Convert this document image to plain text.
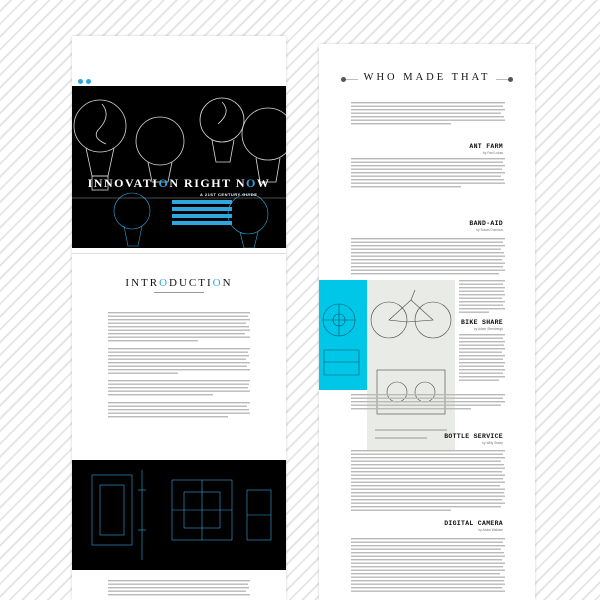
INNOVATION RIGHT NOW
A 21ST CENTURY GUIDE
INTRODUCTION
WHO MADE THAT
ANT FARM
by Paul Lukas
BAND-AID
by Susan Dominus
BIKE SHARE
by Adam Sternbergh
BOTTLE SERVICE
by Willy Staley
DIGITAL CAMERA
by Adam Wallace
